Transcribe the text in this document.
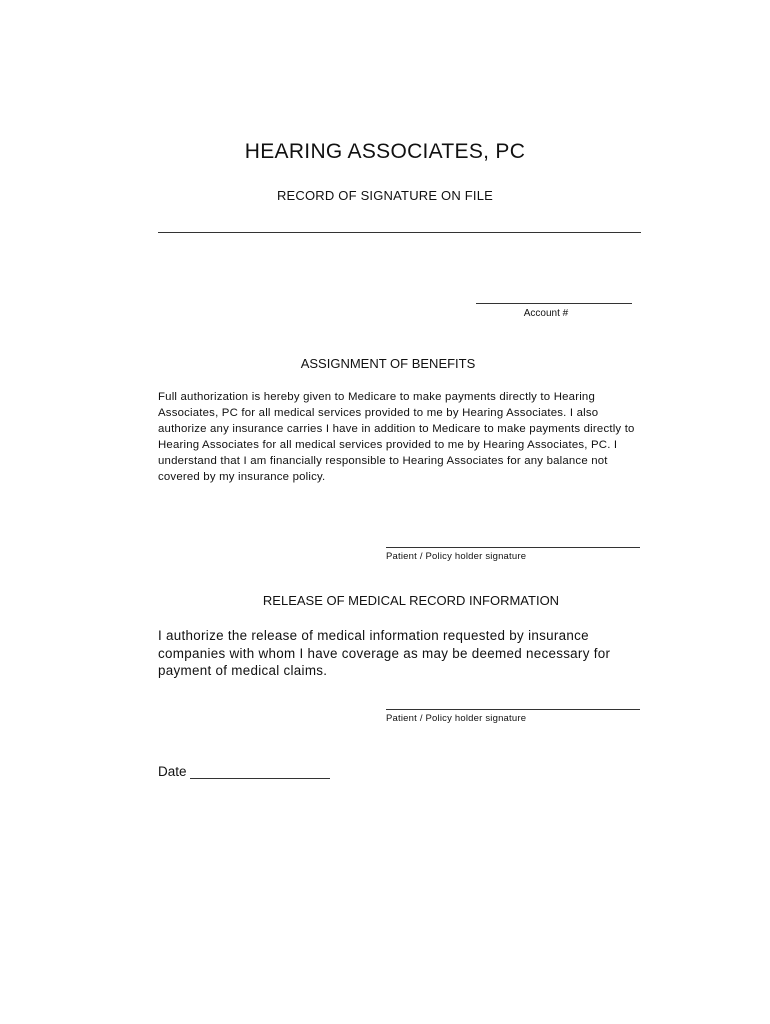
HEARING ASSOCIATES, PC
RECORD OF SIGNATURE ON FILE
Account #
ASSIGNMENT OF BENEFITS
Full authorization is hereby given to Medicare to make payments directly to Hearing Associates, PC for all medical services provided to me by Hearing Associates. I also authorize any insurance carries I have in addition to Medicare to make payments directly to Hearing Associates for all medical services provided to me by Hearing Associates, PC. I understand that I am financially responsible to Hearing Associates for any balance not covered by my insurance policy.
Patient / Policy holder signature
RELEASE OF MEDICAL RECORD INFORMATION
I authorize the release of medical information requested by insurance companies with whom I have coverage as may be deemed necessary for payment of medical claims.
Patient / Policy holder signature
Date
